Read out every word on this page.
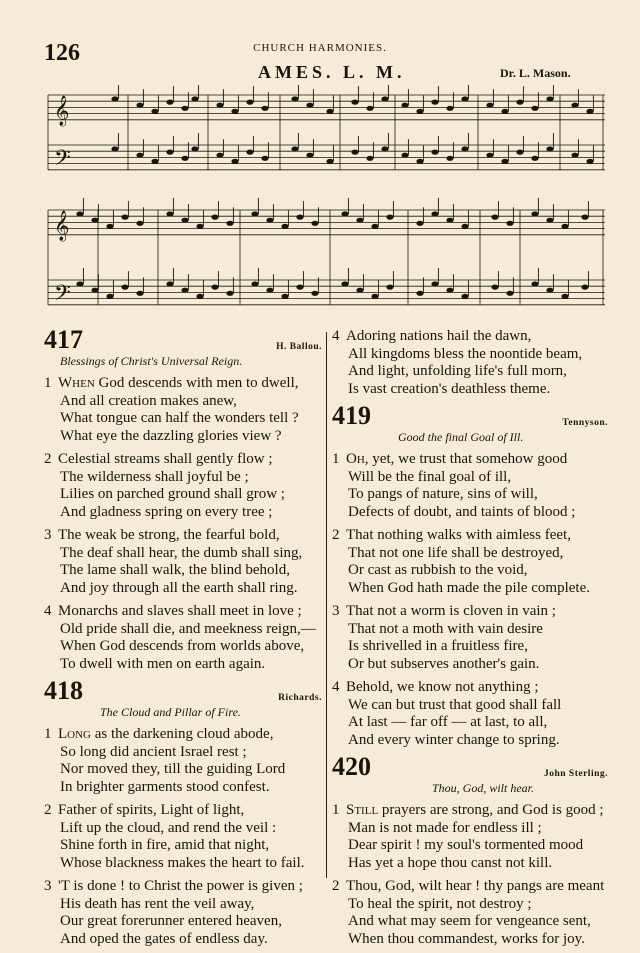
126	CHURCH HARMONIES.
AMES. L. M.	Dr. L. Mason.
𝄞
𝄢
𝄞
𝄢
417	H. Ballou.
Blessings of Christ's Universal Reign.
1 When God descends with men to dwell,
And all creation makes anew,
What tongue can half the wonders tell ?
What eye the dazzling glories view ?
2 Celestial streams shall gently flow ;
The wilderness shall joyful be ;
Lilies on parched ground shall grow ;
And gladness spring on every tree ;
3 The weak be strong, the fearful bold,
The deaf shall hear, the dumb shall sing,
The lame shall walk, the blind behold,
And joy through all the earth shall ring.
4 Monarchs and slaves shall meet in love ;
Old pride shall die, and meekness reign,—
When God descends from worlds above,
To dwell with men on earth again.
418	Richards.
The Cloud and Pillar of Fire.
1 Long as the darkening cloud abode,
So long did ancient Israel rest ;
Nor moved they, till the guiding Lord
In brighter garments stood confest.
2 Father of spirits, Light of light,
Lift up the cloud, and rend the veil :
Shine forth in fire, amid that night,
Whose blackness makes the heart to fail.
3 'T is done ! to Christ the power is given ;
His death has rent the veil away,
Our great forerunner entered heaven,
And oped the gates of endless day.
4 Adoring nations hail the dawn,
All kingdoms bless the noontide beam,
And light, unfolding life's full morn,
Is vast creation's deathless theme.
419	Tennyson.
Good the final Goal of Ill.
1 Oh, yet, we trust that somehow good
Will be the final goal of ill,
To pangs of nature, sins of will,
Defects of doubt, and taints of blood ;
2 That nothing walks with aimless feet,
That not one life shall be destroyed,
Or cast as rubbish to the void,
When God hath made the pile complete.
3 That not a worm is cloven in vain ;
That not a moth with vain desire
Is shrivelled in a fruitless fire,
Or but subserves another's gain.
4 Behold, we know not anything ;
We can but trust that good shall fall
At last — far off — at last, to all,
And every winter change to spring.
420	John Sterling.
Thou, God, wilt hear.
1 Still prayers are strong, and God is good ;
Man is not made for endless ill ;
Dear spirit ! my soul's tormented mood
Has yet a hope thou canst not kill.
2 Thou, God, wilt hear ! thy pangs are meant
To heal the spirit, not destroy ;
And what may seem for vengeance sent,
When thou commandest, works for joy.
